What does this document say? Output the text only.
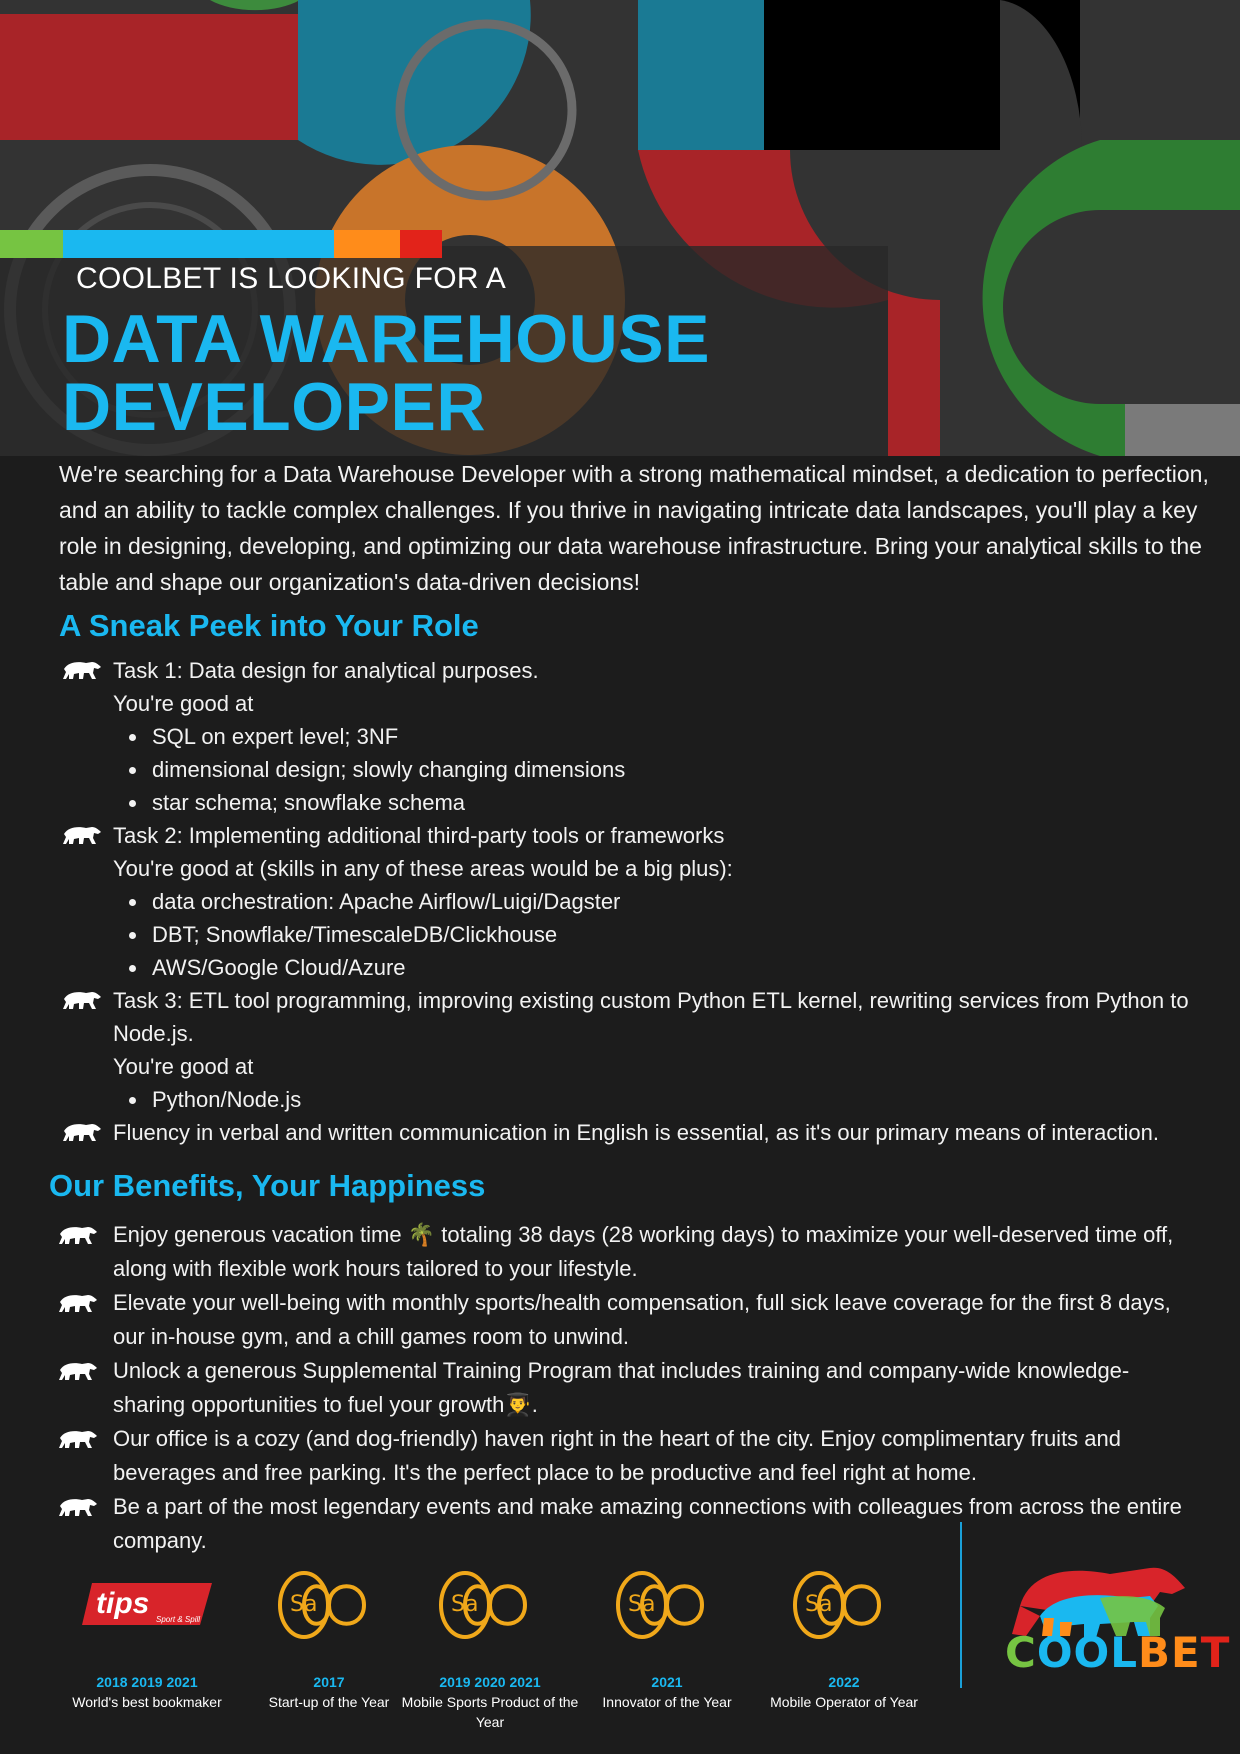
COOLBET IS LOOKING FOR A
DATA WAREHOUSE
DEVELOPER

We're searching for a Data Warehouse Developer with a strong mathematical mindset, a dedication to perfection, and an ability to tackle complex challenges. If you thrive in navigating intricate data landscapes, you'll play a key role in designing, developing, and optimizing our data warehouse infrastructure. Bring your analytical skills to the table and shape our organization's data-driven decisions!

A Sneak Peek into Your Role
Task 1: Data design for analytical purposes.
You're good at
SQL on expert level; 3NF
dimensional design; slowly changing dimensions
star schema; snowflake schema
Task 2: Implementing additional third-party tools or frameworks
You're good at (skills in any of these areas would be a big plus):
data orchestration: Apache Airflow/Luigi/Dagster
DBT; Snowflake/TimescaleDB/Clickhouse
AWS/Google Cloud/Azure
Task 3: ETL tool programming, improving existing custom Python ETL kernel, rewriting services from Python to Node.js.
You're good at
Python/Node.js
Fluency in verbal and written communication in English is essential, as it's our primary means of interaction.
Our Benefits, Your Happiness
Enjoy generous vacation time 🌴 totaling 38 days (28 working days) to maximize your well-deserved time off, along with flexible work hours tailored to your lifestyle.
Elevate your well-being with monthly sports/health compensation, full sick leave coverage for the first 8 days, our in-house gym, and a chill games room to unwind.
Unlock a generous Supplemental Training Program that includes training and company-wide knowledge-sharing opportunities to fuel your growth👨‍🎓.
Our office is a cozy (and dog-friendly) haven right in the heart of the city. Enjoy complimentary fruits and beverages and free parking. It's the perfect place to be productive and feel right at home.
Be a part of the most legendary events and make amazing connections with colleagues from across the entire company.
tips Sport & Spill
2018 2019 2021
World's best bookmaker
Sa
2017
Start-up of the Year
Sa
2019 2020 2021
Mobile Sports Product of the Year
Sa
2021
Innovator of the Year
Sa
2022
Mobile Operator of Year
COOLBET
